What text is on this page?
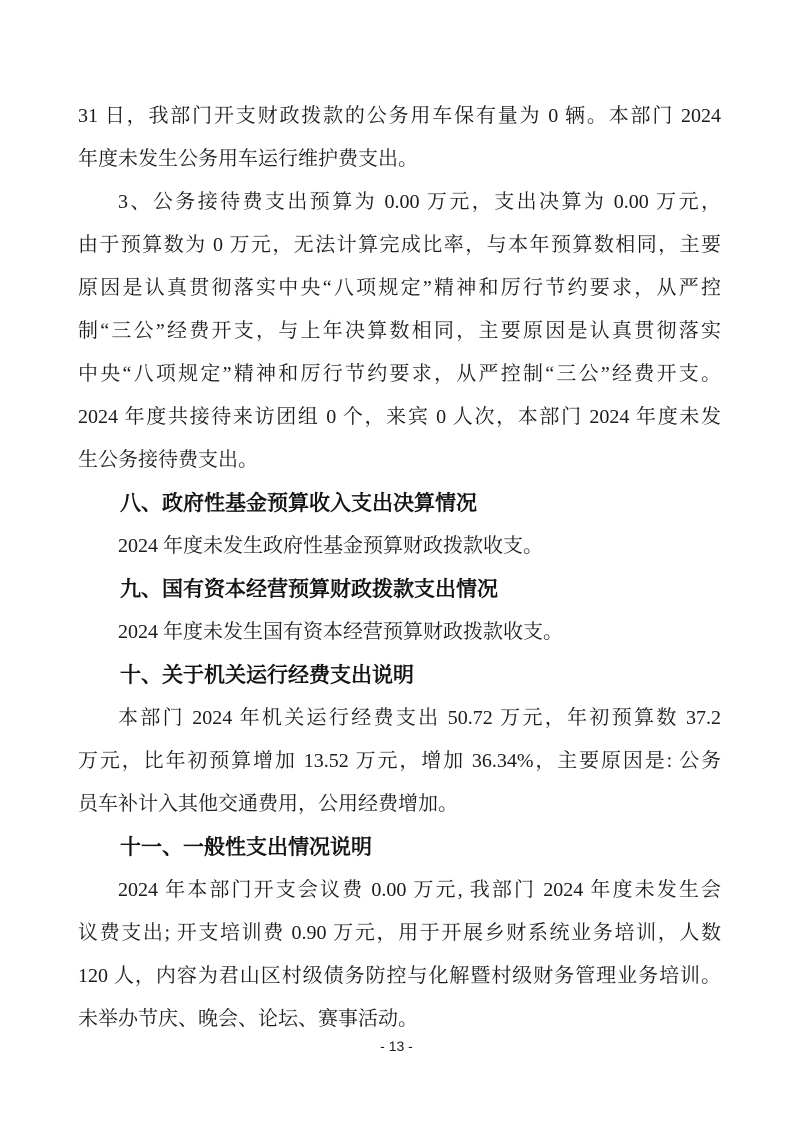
31 日，我部门开支财政拨款的公务用车保有量为 0 辆。本部门 2024
年度未发生公务用车运行维护费支出。

3、公务接待费支出预算为 0.00 万元，支出决算为 0.00 万元，
由于预算数为 0 万元，无法计算完成比率，与本年预算数相同，主要
原因是认真贯彻落实中央“八项规定”精神和厉行节约要求，从严控
制“三公”经费开支，与上年决算数相同，主要原因是认真贯彻落实
中央“八项规定”精神和厉行节约要求，从严控制“三公”经费开支。
2024 年度共接待来访团组 0 个，来宾 0 人次，本部门 2024 年度未发
生公务接待费支出。

八、政府性基金预算收入支出决算情况

2024 年度未发生政府性基金预算财政拨款收支。

九、国有资本经营预算财政拨款支出情况

2024 年度未发生国有资本经营预算财政拨款收支。

十、关于机关运行经费支出说明

本部门 2024 年机关运行经费支出 50.72 万元，年初预算数 37.2
万元，比年初预算增加 13.52 万元，增加 36.34%，主要原因是: 公务
员车补计入其他交通费用，公用经费增加。

十一、一般性支出情况说明

2024 年本部门开支会议费 0.00 万元, 我部门 2024 年度未发生会
议费支出; 开支培训费 0.90 万元，用于开展乡财系统业务培训，人数
120 人，内容为君山区村级债务防控与化解暨村级财务管理业务培训。
未举办节庆、晚会、论坛、赛事活动。

- 13 -
